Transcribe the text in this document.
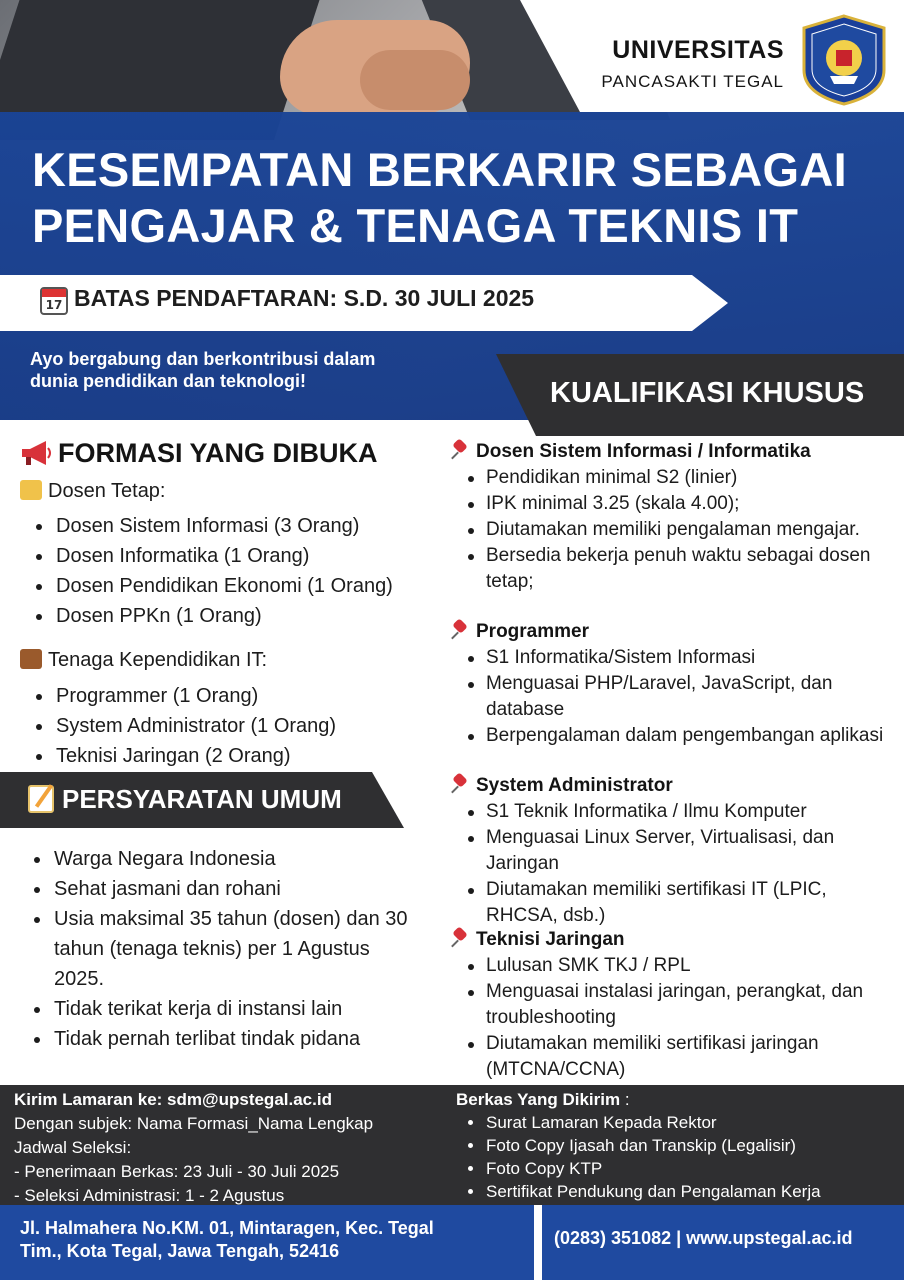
UNIVERSITAS
PANCASAKTI TEGAL
KESEMPATAN BERKARIR SEBAGAI
PENGAJAR & TENAGA TEKNIS IT
17 BATAS PENDAFTARAN: S.D. 30 JULI 2025
Ayo bergabung dan berkontribusi dalam
dunia pendidikan dan teknologi!	KUALIFIKASI KHUSUS
FORMASI YANG DIBUKA
Dosen Tetap:
Dosen Sistem Informasi (3 Orang)
Dosen Informatika (1 Orang)
Dosen Pendidikan Ekonomi (1 Orang)
Dosen PPKn (1 Orang)
Tenaga Kependidikan IT:
Programmer (1 Orang)
System Administrator (1 Orang)
Teknisi Jaringan (2 Orang)
PERSYARATAN UMUM
Warga Negara Indonesia
Sehat jasmani dan rohani
Usia maksimal 35 tahun (dosen) dan 30 tahun (tenaga teknis) per 1 Agustus 2025.
Tidak terikat kerja di instansi lain
Tidak pernah terlibat tindak pidana
Dosen Sistem Informasi / Informatika
Pendidikan minimal S2 (linier)
IPK minimal 3.25 (skala 4.00);
Diutamakan memiliki pengalaman mengajar.
Bersedia bekerja penuh waktu sebagai dosen tetap;
Programmer
S1 Informatika/Sistem Informasi
Menguasai PHP/Laravel, JavaScript, dan database
Berpengalaman dalam pengembangan aplikasi
System Administrator
S1 Teknik Informatika / Ilmu Komputer
Menguasai Linux Server, Virtualisasi, dan Jaringan
Diutamakan memiliki sertifikasi IT (LPIC, RHCSA, dsb.)
Teknisi Jaringan
Lulusan SMK TKJ / RPL
Menguasai instalasi jaringan, perangkat, dan troubleshooting
Diutamakan memiliki sertifikasi jaringan (MTCNA/CCNA)
Kirim Lamaran ke: sdm@upstegal.ac.id
Dengan subjek: Nama Formasi_Nama Lengkap
Jadwal Seleksi:
- Penerimaan Berkas: 23 Juli - 30 Juli 2025
- Seleksi Administrasi: 1 - 2 Agustus
Berkas Yang Dikirim :
Surat Lamaran Kepada Rektor
Foto Copy Ijasah dan Transkip (Legalisir)
Foto Copy KTP
Sertifikat Pendukung dan Pengalaman Kerja
Jl. Halmahera No.KM. 01, Mintaragen, Kec. Tegal
Tim., Kota Tegal, Jawa Tengah, 52416
(0283) 351082 | www.upstegal.ac.id
